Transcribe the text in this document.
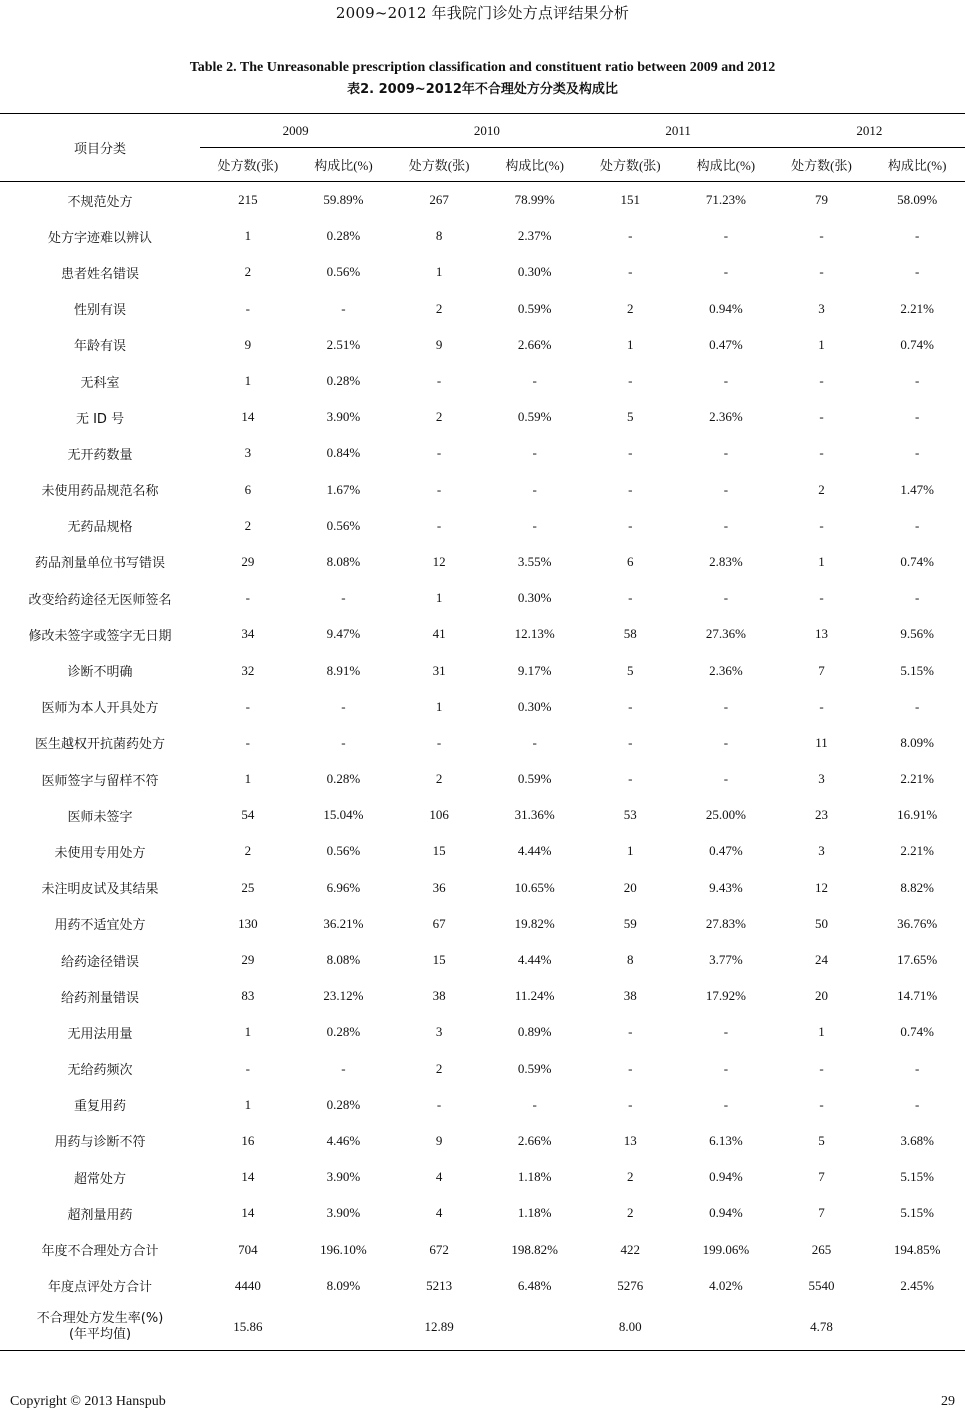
2009~2012 年我院门诊处方点评结果分析
Table 2. The Unreasonable prescription classification and constituent ratio between 2009 and 2012
表2. 2009~2012年不合理处方分类及构成比
项目分类	2009		2010		2011		2012	
	处方数(张)	构成比(%)	处方数(张)	构成比(%)	处方数(张)	构成比(%)	处方数(张)	构成比(%)
不规范处方	215	59.89%	267	78.99%	151	71.23%	79	58.09%
处方字迹难以辨认	1	0.28%	8	2.37%	-	-	-	-
患者姓名错误	2	0.56%	1	0.30%	-	-	-	-
性别有误	-	-	2	0.59%	2	0.94%	3	2.21%
年龄有误	9	2.51%	9	2.66%	1	0.47%	1	0.74%
无科室	1	0.28%	-	-	-	-	-	-
无 ID 号	14	3.90%	2	0.59%	5	2.36%	-	-
无开药数量	3	0.84%	-	-	-	-	-	-
未使用药品规范名称	6	1.67%	-	-	-	-	2	1.47%
无药品规格	2	0.56%	-	-	-	-	-	-
药品剂量单位书写错误	29	8.08%	12	3.55%	6	2.83%	1	0.74%
改变给药途径无医师签名	-	-	1	0.30%	-	-	-	-
修改未签字或签字无日期	34	9.47%	41	12.13%	58	27.36%	13	9.56%
诊断不明确	32	8.91%	31	9.17%	5	2.36%	7	5.15%
医师为本人开具处方	-	-	1	0.30%	-	-	-	-
医生越权开抗菌药处方	-	-	-	-	-	-	11	8.09%
医师签字与留样不符	1	0.28%	2	0.59%	-	-	3	2.21%
医师未签字	54	15.04%	106	31.36%	53	25.00%	23	16.91%
未使用专用处方	2	0.56%	15	4.44%	1	0.47%	3	2.21%
未注明皮试及其结果	25	6.96%	36	10.65%	20	9.43%	12	8.82%
用药不适宜处方	130	36.21%	67	19.82%	59	27.83%	50	36.76%
给药途径错误	29	8.08%	15	4.44%	8	3.77%	24	17.65%
给药剂量错误	83	23.12%	38	11.24%	38	17.92%	20	14.71%
无用法用量	1	0.28%	3	0.89%	-	-	1	0.74%
无给药频次	-	-	2	0.59%	-	-	-	-
重复用药	1	0.28%	-	-	-	-	-	-
用药与诊断不符	16	4.46%	9	2.66%	13	6.13%	5	3.68%
超常处方	14	3.90%	4	1.18%	2	0.94%	7	5.15%
超剂量用药	14	3.90%	4	1.18%	2	0.94%	7	5.15%
年度不合理处方合计	704	196.10%	672	198.82%	422	199.06%	265	194.85%
年度点评处方合计	4440	8.09%	5213	6.48%	5276	4.02%	5540	2.45%
不合理处方发生率(%)
(年平均值)	15.86		12.89		8.00		4.78	
Copyright © 2013 Hanspub	29
